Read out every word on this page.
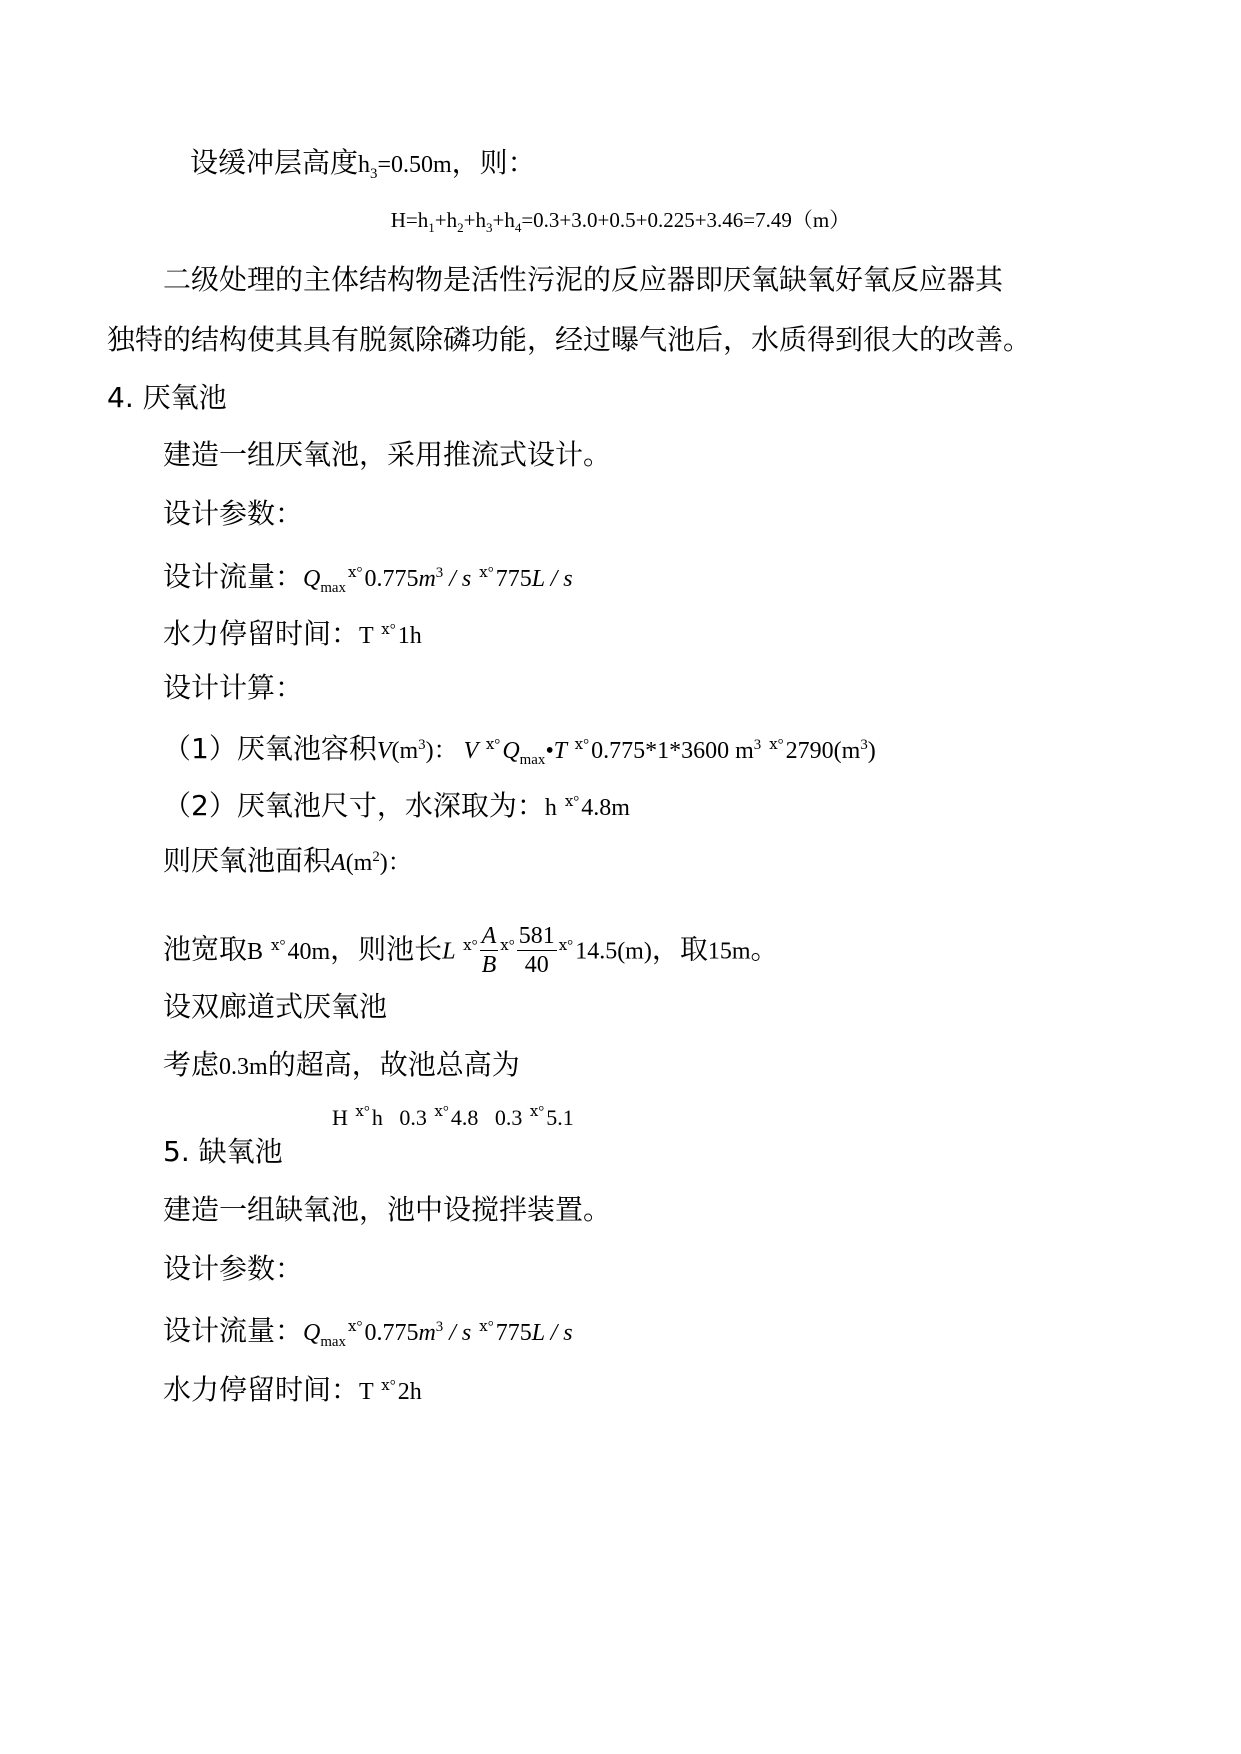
设缓冲层高度$h_3=0.50m$，则：
$H=h_1+h_2+h_3+h_4=0.3+3.0+0.5+0.225+3.46=7.49(m)$
二级处理的主体结构物是活性污泥的反应器即厌氧缺氧好氧反应器其
独特的结构使其具有脱氮除磷功能，经过曝气池后，水质得到很大的改善。
4. 厌氧池
建造一组厌氧池，采用推流式设计。
设计参数：
设计流量：$Q_{max}^{ⅹ^\circ}0.775m^3$ / s $^{ⅹ^\circ}$775L / s
水力停留时间：T $^{ⅹ^\circ}$1h
设计计算：
（1）厌氧池容积$V(m^3)$： V $^{ⅹ^\circ}Q_{max}•T$ $^{ⅹ^\circ}$0.775*1*3600 $m^3$ $^{ⅹ^\circ}2790(m^3)$
（2）厌氧池尺寸，水深取为：h $^{ⅹ^\circ}$4.8m
则厌氧池面积$A(m^2)$：
池宽取B $^{ⅹ^\circ}$40m，则池长L $^{ⅹ^\circ} \frac{A}{B} ^{ⅹ^\circ} \frac{581}{40} ^{ⅹ^\circ}14.5(m)$，取15m。
设双廊道式厌氧池
考虑0.3m的超高，故池总高为
H $^{ⅹ^\circ}$h   0.3 $^{ⅹ^\circ}$4.8   0.3 $^{ⅹ^\circ}$5.1
5. 缺氧池
建造一组缺氧池，池中设搅拌装置。
设计参数：
设计流量：$Q_{max}^{ⅹ^\circ}0.775m^3$ / s $^{ⅹ^\circ}$775L / s
水力停留时间：T $^{ⅹ^\circ}$2h
